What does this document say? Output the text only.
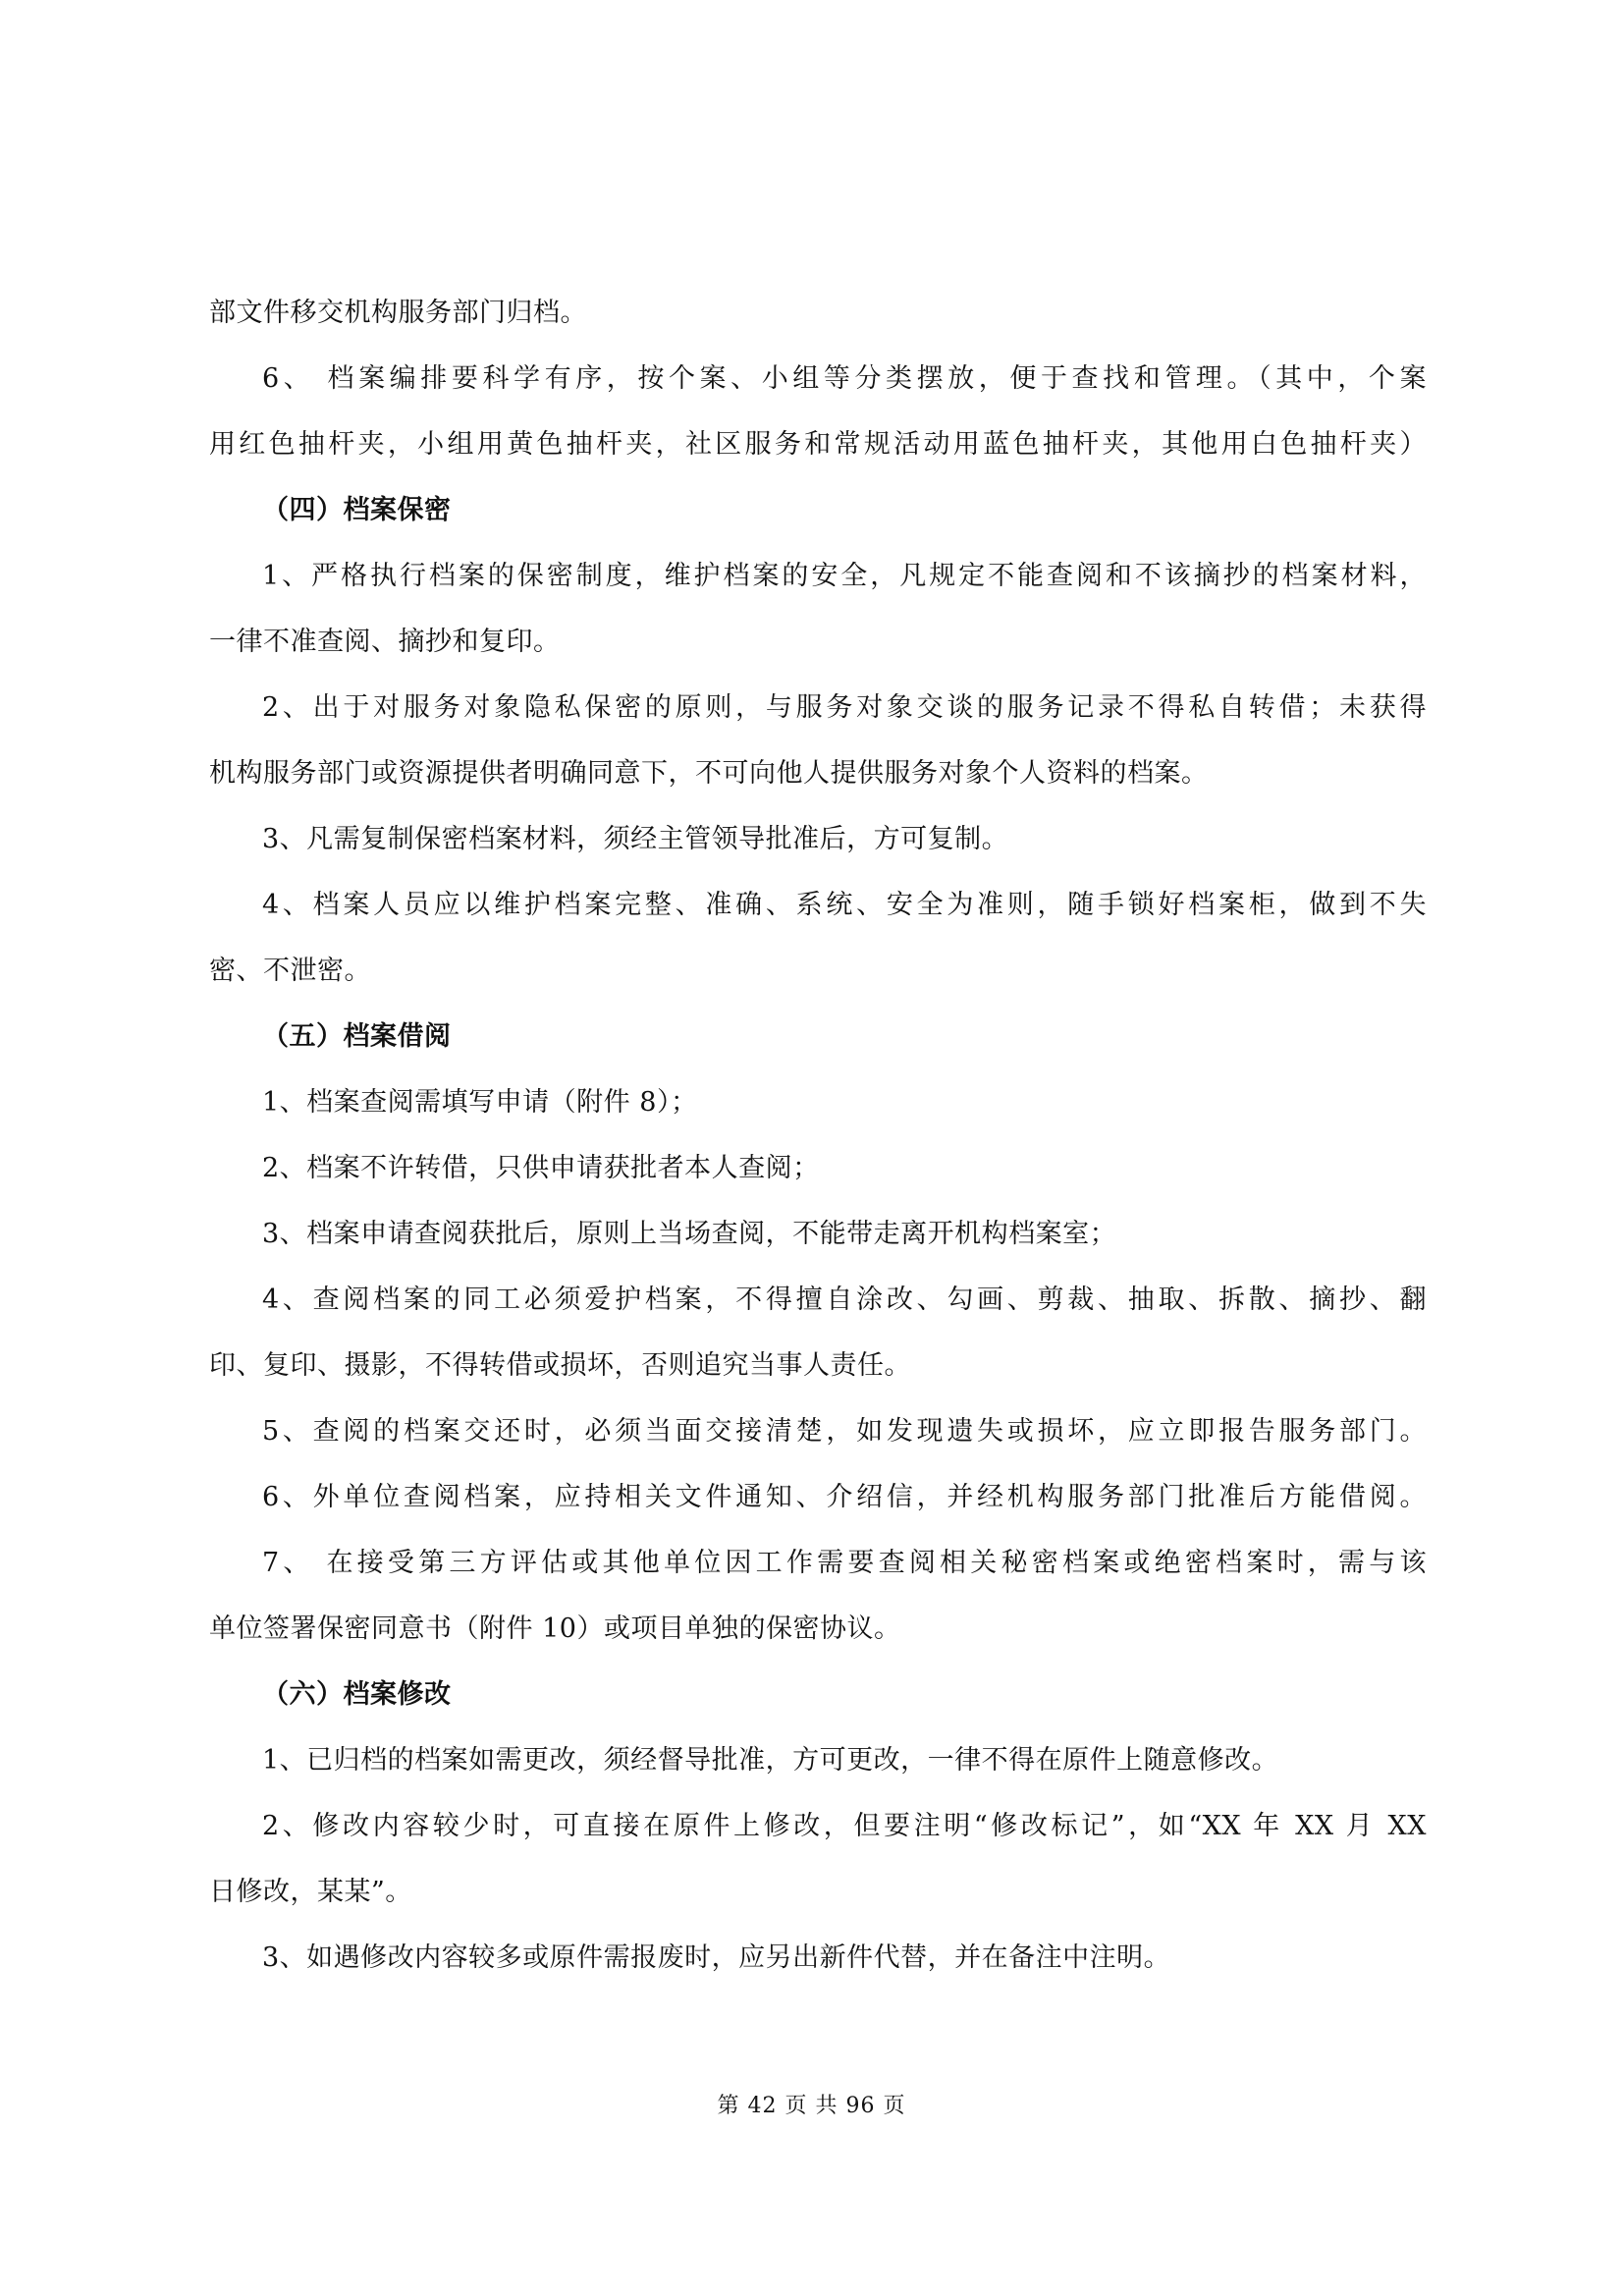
部文件移交机构服务部门归档。
6、 档案编排要科学有序，按个案、小组等分类摆放，便于查找和管理。（其中，个案
用红色抽杆夹，小组用黄色抽杆夹，社区服务和常规活动用蓝色抽杆夹，其他用白色抽杆夹）
（四）档案保密
1、严格执行档案的保密制度，维护档案的安全，凡规定不能查阅和不该摘抄的档案材料，
一律不准查阅、摘抄和复印。
2、出于对服务对象隐私保密的原则，与服务对象交谈的服务记录不得私自转借；未获得
机构服务部门或资源提供者明确同意下，不可向他人提供服务对象个人资料的档案。
3、凡需复制保密档案材料，须经主管领导批准后，方可复制。
4、档案人员应以维护档案完整、准确、系统、安全为准则，随手锁好档案柜，做到不失
密、不泄密。
（五）档案借阅
1、档案查阅需填写申请（附件 8）；
2、档案不许转借，只供申请获批者本人查阅；
3、档案申请查阅获批后，原则上当场查阅，不能带走离开机构档案室；
4、查阅档案的同工必须爱护档案，不得擅自涂改、勾画、剪裁、抽取、拆散、摘抄、翻
印、复印、摄影，不得转借或损坏，否则追究当事人责任。
5、查阅的档案交还时，必须当面交接清楚，如发现遗失或损坏，应立即报告服务部门。
6、外单位查阅档案，应持相关文件通知、介绍信，并经机构服务部门批准后方能借阅。
7、 在接受第三方评估或其他单位因工作需要查阅相关秘密档案或绝密档案时，需与该
单位签署保密同意书（附件 10）或项目单独的保密协议。
（六）档案修改
1、已归档的档案如需更改，须经督导批准，方可更改，一律不得在原件上随意修改。
2、修改内容较少时，可直接在原件上修改，但要注明“修改标记”，如“XX 年 XX 月 XX
日修改，某某”。
3、如遇修改内容较多或原件需报废时，应另出新件代替，并在备注中注明。
第 42 页 共 96 页
